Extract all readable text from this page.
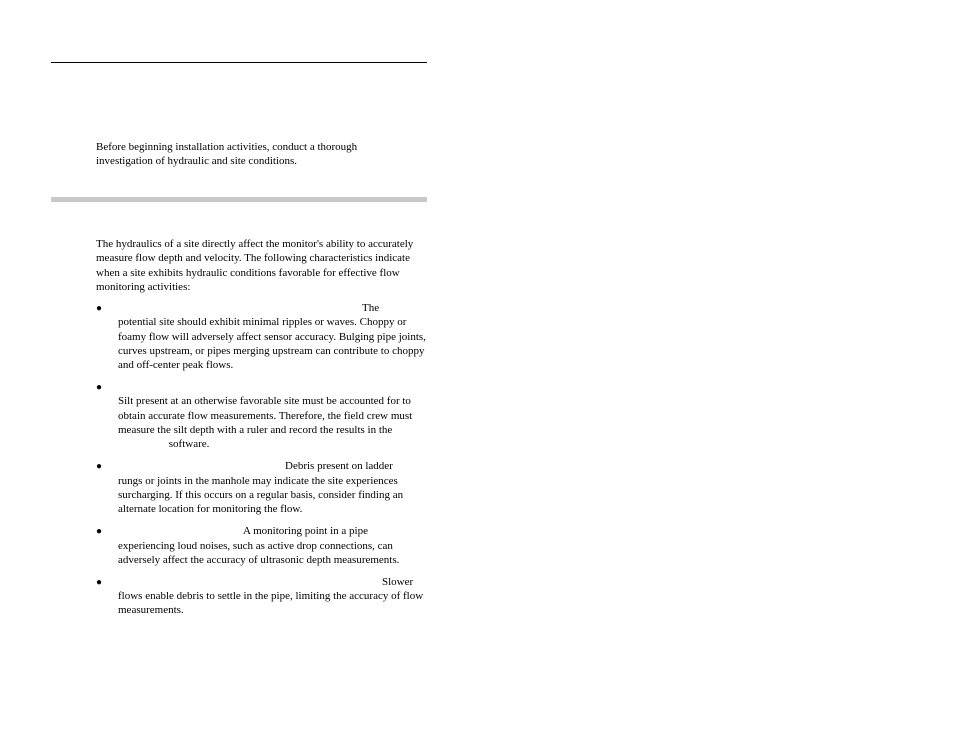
Before beginning installation activities, conduct a thorough investigation of hydraulic and site conditions.

The hydraulics of a site directly affect the monitor's ability to accurately measure flow depth and velocity. The following characteristics indicate when a site exhibits hydraulic conditions favorable for effective flow monitoring activities:

●	The
potential site should exhibit minimal ripples or waves. Choppy or foamy flow will adversely affect sensor accuracy. Bulging pipe joints, curves upstream, or pipes merging upstream can contribute to choppy and off-center peak flows.
●

Silt present at an otherwise favorable site must be accounted for to obtain accurate flow measurements. Therefore, the field crew must measure the silt depth with a ruler and record the results in the  software.
●	Debris present on ladder
rungs or joints in the manhole may indicate the site experiences surcharging. If this occurs on a regular basis, consider finding an alternate location for monitoring the flow.
●	A monitoring point in a pipe
experiencing loud noises, such as active drop connections, can adversely affect the accuracy of ultrasonic depth measurements.
●	Slower
flows enable debris to settle in the pipe, limiting the accuracy of flow measurements.
